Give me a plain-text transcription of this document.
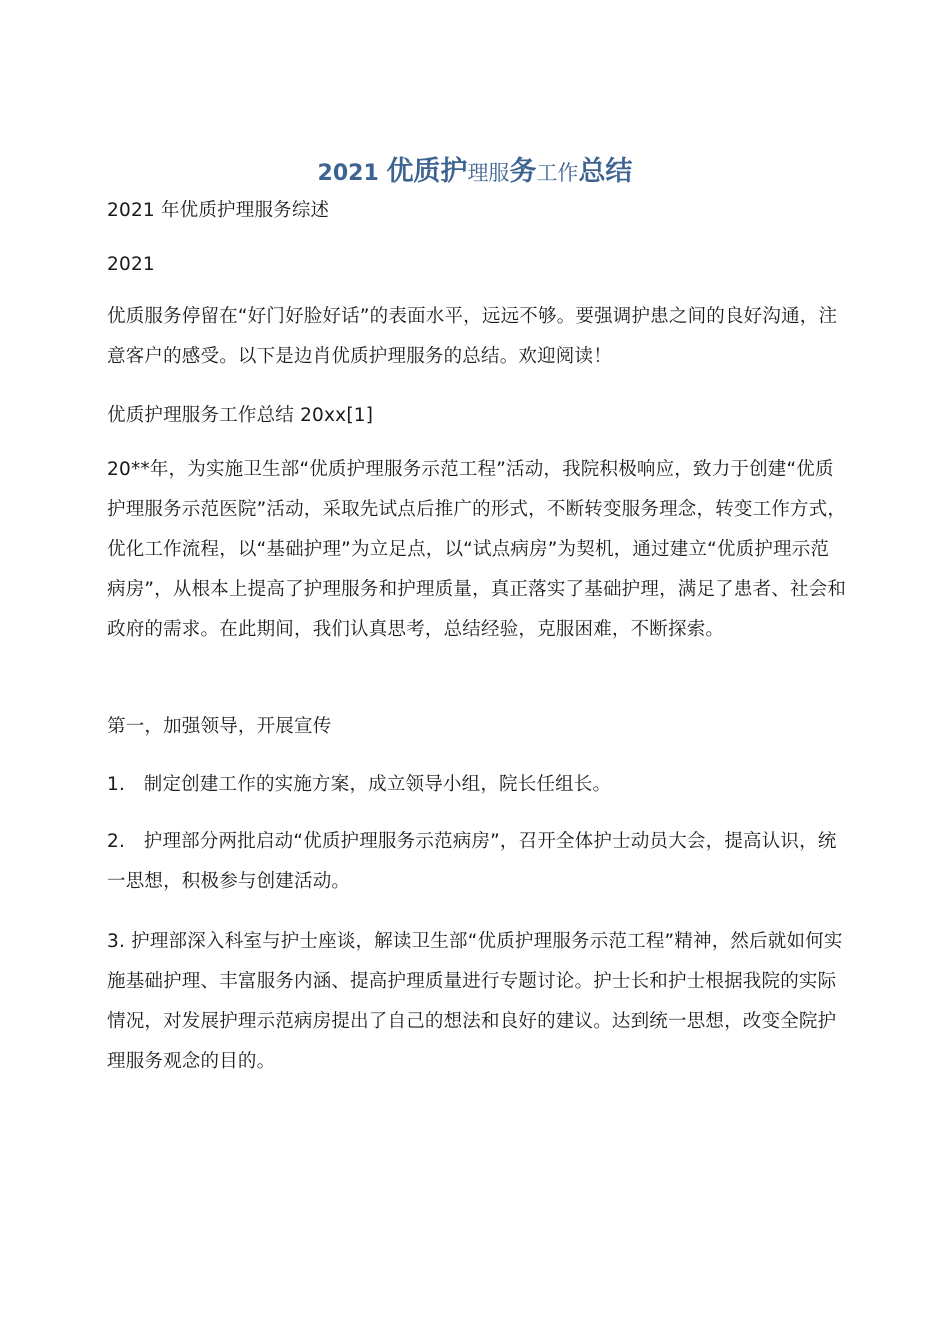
2021 优质护理服务工作总结

2021 年优质护理服务综述

2021

优质服务停留在“好门好脸好话”的表面水平，远远不够。要强调护患之间的良好沟通，注意客户的感受。以下是边肖优质护理服务的总结。欢迎阅读！

优质护理服务工作总结 20xx[1]

20**年，为实施卫生部“优质护理服务示范工程”活动，我院积极响应，致力于创建“优质护理服务示范医院”活动，采取先试点后推广的形式，不断转变服务理念，转变工作方式，优化工作流程，以“基础护理”为立足点，以“试点病房”为契机，通过建立“优质护理示范病房”，从根本上提高了护理服务和护理质量，真正落实了基础护理，满足了患者、社会和政府的需求。在此期间，我们认真思考，总结经验，克服困难，不断探索。

第一，加强领导，开展宣传

1.　制定创建工作的实施方案，成立领导小组，院长任组长。

2.　护理部分两批启动“优质护理服务示范病房”，召开全体护士动员大会，提高认识，统一思想，积极参与创建活动。

3. 护理部深入科室与护士座谈，解读卫生部“优质护理服务示范工程”精神，然后就如何实施基础护理、丰富服务内涵、提高护理质量进行专题讨论。护士长和护士根据我院的实际情况，对发展护理示范病房提出了自己的想法和良好的建议。达到统一思想，改变全院护理服务观念的目的。
